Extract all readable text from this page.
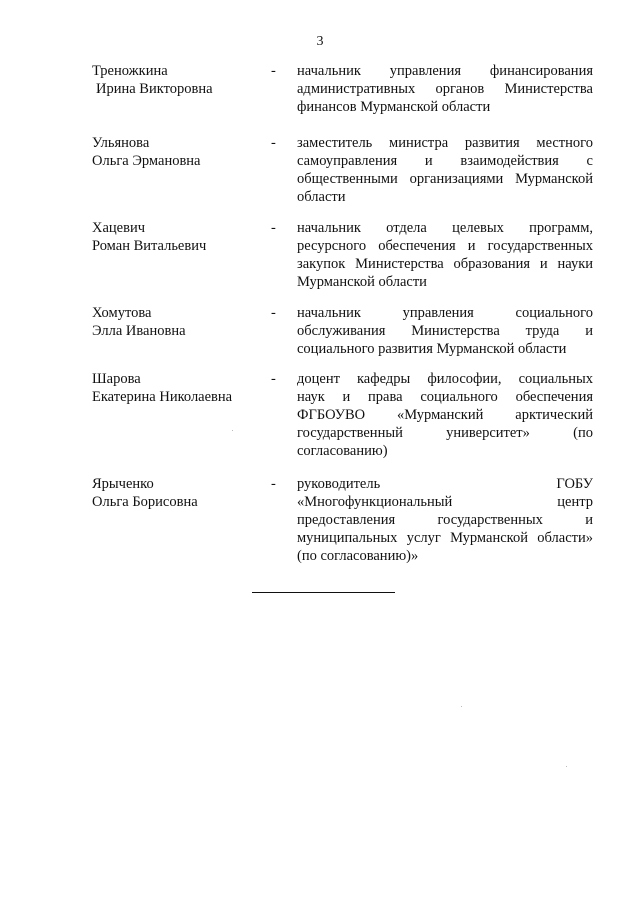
3
Треножкина
Ирина Викторовна
- начальник управления финансирования
административных органов Министерства
финансов Мурманской области
Ульянова
Ольга Эрмановна
- заместитель министра развития местного
самоуправления и взаимодействия с
общественными организациями Мурманской
области
Хацевич
Роман Витальевич
- начальник отдела целевых программ,
ресурсного обеспечения и государственных
закупок Министерства образования и науки
Мурманской области
Хомутова
Элла Ивановна
- начальник управления социального
обслуживания Министерства труда и
социального развития Мурманской области
Шарова
Екатерина Николаевна
- доцент кафедры философии, социальных
наук и права социального обеспечения
ФГБОУВО «Мурманский арктический
государственный университет» (по
согласованию)
Ярыченко
Ольга Борисовна
- руководитель ГОБУ
«Многофункциональный центр
предоставления государственных и
муниципальных услуг Мурманской области»
(по согласованию)»
